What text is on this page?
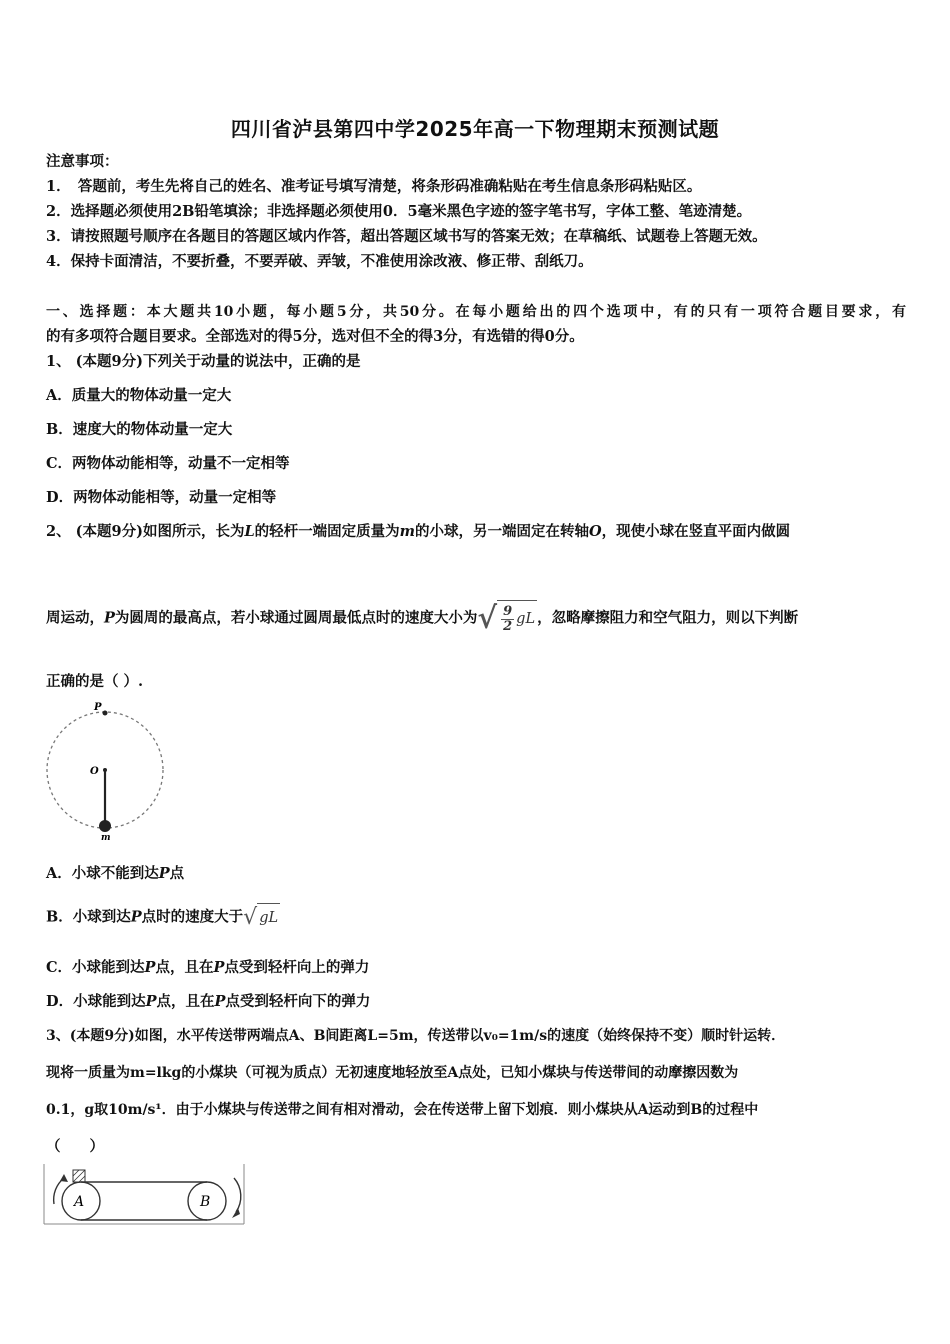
四川省泸县第四中学2025年高一下物理期末预测试题
注意事项：
1．　答题前，考生先将自己的姓名、准考证号填写清楚，将条形码准确粘贴在考生信息条形码粘贴区。
2．选择题必须使用2B铅笔填涂；非选择题必须使用0．5毫米黑色字迹的签字笔书写，字体工整、笔迹清楚。
3．请按照题号顺序在各题目的答题区域内作答，超出答题区域书写的答案无效；在草稿纸、试题卷上答题无效。
4．保持卡面清洁，不要折叠，不要弄破、弄皱，不准使用涂改液、修正带、刮纸刀。
一、选择题：本大题共10小题，每小题5分，共50分。在每小题给出的四个选项中，有的只有一项符合题目要求，有
的有多项符合题目要求。全部选对的得5分，选对但不全的得3分，有选错的得0分。
1、 (本题9分)下列关于动量的说法中，正确的是
A．质量大的物体动量一定大
B．速度大的物体动量一定大
C．两物体动能相等，动量不一定相等
D．两物体动能相等，动量一定相等
2、 (本题9分)如图所示，长为L的轻杆一端固定质量为m的小球，另一端固定在转轴O，现使小球在竖直平面内做圆
周运动，P为圆周的最高点，若小球通过圆周最低点时的速度大小为√ $\frac{9}{2}$ gL ，忽略摩擦阻力和空气阻力，则以下判断
正确的是（ ）.
P
O
m
A．小球不能到达P点
B．小球到达P点时的速度大于√ gL
C．小球能到达P点，且在P点受到轻杆向上的弹力
D．小球能到达P点，且在P点受到轻杆向下的弹力
3、(本题9分)如图，水平传送带两端点A、B间距离L=5m，传送带以v₀=1m/s的速度（始终保持不变）顺时针运转．
现将一质量为m=lkg的小煤块（可视为质点）无初速度地轻放至A点处，已知小煤块与传送带间的动摩擦因数为
0.1，g取10m/s¹．由于小煤块与传送带之间有相对滑动，会在传送带上留下划痕．则小煤块从A运动到B的过程中
（　　）
A	B
